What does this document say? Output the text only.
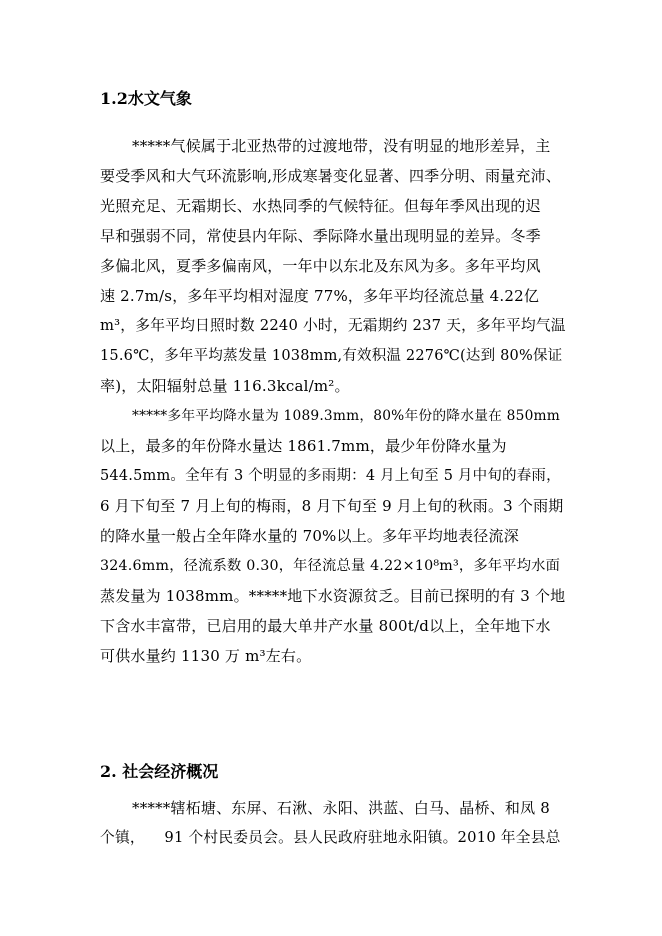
1.2水文气象

*****气候属于北亚热带的过渡地带，没有明显的地形差异，主

要受季风和大气环流影响,形成寒暑变化显著、四季分明、雨量充沛、

光照充足、无霜期长、水热同季的气候特征。但每年季风出现的迟

早和强弱不同，常使县内年际、季际降水量出现明显的差异。冬季

多偏北风，夏季多偏南风，一年中以东北及东风为多。多年平均风

速 2.7m/s，多年平均相对湿度 77%，多年平均径流总量 4.22亿

m³，多年平均日照时数 2240 小时，无霜期约 237 天，多年平均气温

15.6℃，多年平均蒸发量 1038mm,有效积温 2276℃(达到 80%保证

率)，太阳辐射总量 116.3kcal/m²。

*****多年平均降水量为 1089.3mm，80%年份的降水量在 850mm

以上，最多的年份降水量达 1861.7mm，最少年份降水量为

544.5mm。全年有 3 个明显的多雨期：4 月上旬至 5 月中旬的春雨，

6 月下旬至 7 月上旬的梅雨，8 月下旬至 9 月上旬的秋雨。3 个雨期

的降水量一般占全年降水量的 70%以上。多年平均地表径流深

324.6mm，径流系数 0.30，年径流总量 4.22×10⁸m³，多年平均水面

蒸发量为 1038mm。*****地下水资源贫乏。目前已探明的有 3 个地

下含水丰富带，已启用的最大单井产水量 800t/d以上，全年地下水

可供水量约 1130 万 m³左右。

2. 社会经济概况

*****辖柘塘、东屏、石湫、永阳、洪蓝、白马、晶桥、和凤 8

个镇，    91 个村民委员会。县人民政府驻地永阳镇。2010 年全县总
